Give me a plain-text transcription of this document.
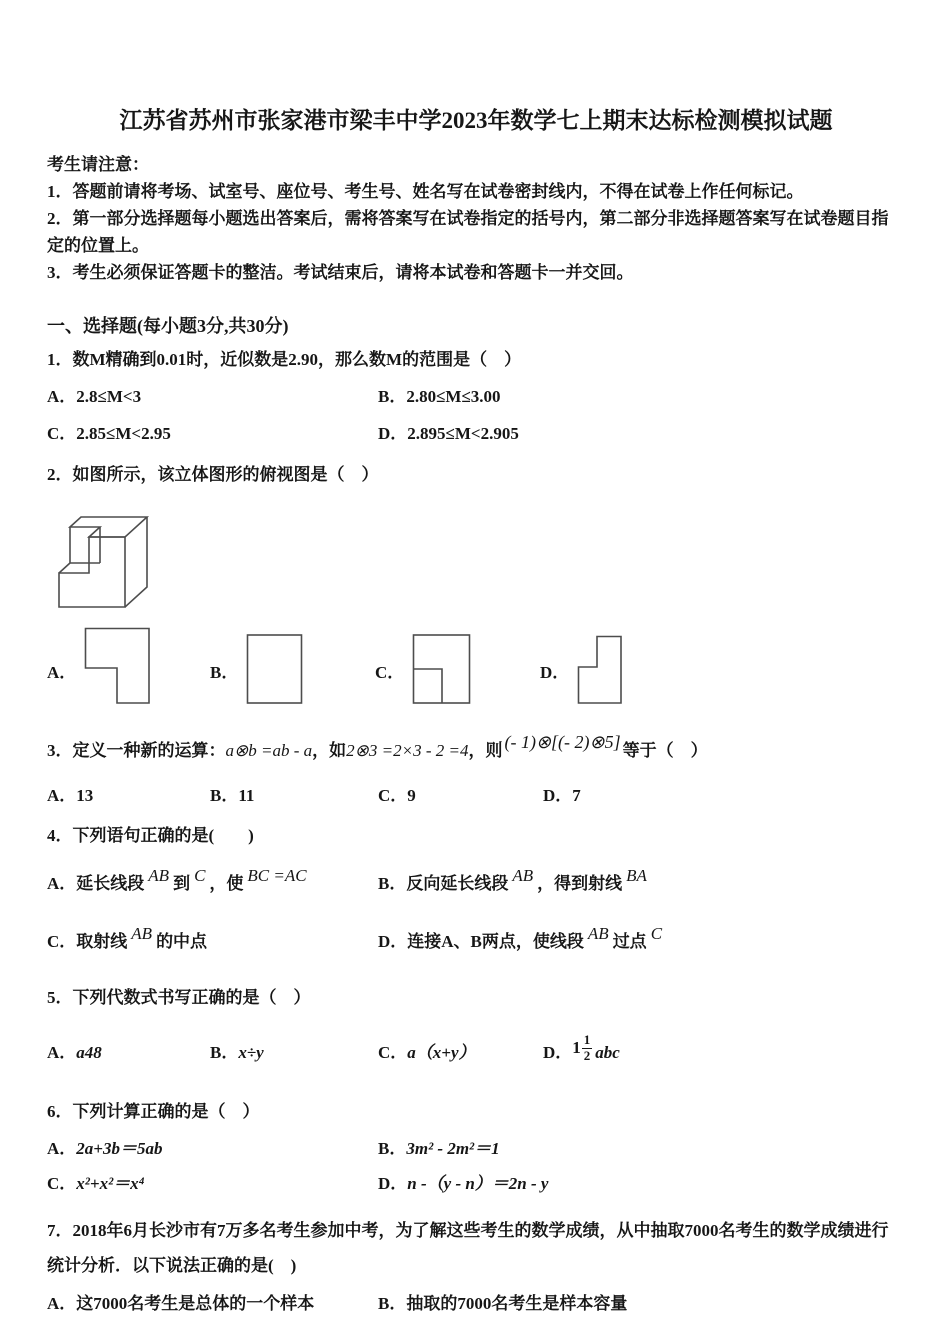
江苏省苏州市张家港市梁丰中学2023年数学七上期末达标检测模拟试题

考生请注意：

1．答题前请将考场、试室号、座位号、考生号、姓名写在试卷密封线内，不得在试卷上作任何标记。

2．第一部分选择题每小题选出答案后，需将答案写在试卷指定的括号内，第二部分非选择题答案写在试卷题目指定的位置上。

3．考生必须保证答题卡的整洁。考试结束后，请将本试卷和答题卡一并交回。

一、选择题(每小题3分,共30分)

1．数M精确到0.01时，近似数是2.90，那么数M的范围是（　）

A．2.8≤M<3	B．2.80≤M≤3.00
C．2.85≤M<2.95	D．2.895≤M<2.905

2．如图所示，该立体图形的俯视图是（　）

A．	B．	C．	D．

3．定义一种新的运算：a⊗b =ab - a，如2⊗3 =2×3 - 2 =4，则 (- 1)⊗[(- 2)⊗5] 等于（　）

A．13	B．11	C．9	D．7

4．下列语句正确的是(　　)

A．延长线段 AB 到 C ，使 BC =AC	B．反向延长线段 AB ，得到射线 BA
C．取射线 AB 的中点	D．连接A、B两点，使线段 AB 过点 C

5．下列代数式书写正确的是（　）

A．a48	B．x÷y	C．a（x+y）	D． $1 \frac{1}{2}$ abc

6．下列计算正确的是（　）

A．2a+3b＝5ab	B．3m² - 2m²＝1
C．x²+x²＝x⁴	D．n -（y - n）＝2n - y

7．2018年6月长沙市有7万多名考生参加中考，为了解这些考生的数学成绩，从中抽取7000名考生的数学成绩进行统计分析．以下说法正确的是(　)

A．这7000名考生是总体的一个样本	B．抽取的7000名考生是样本容量
